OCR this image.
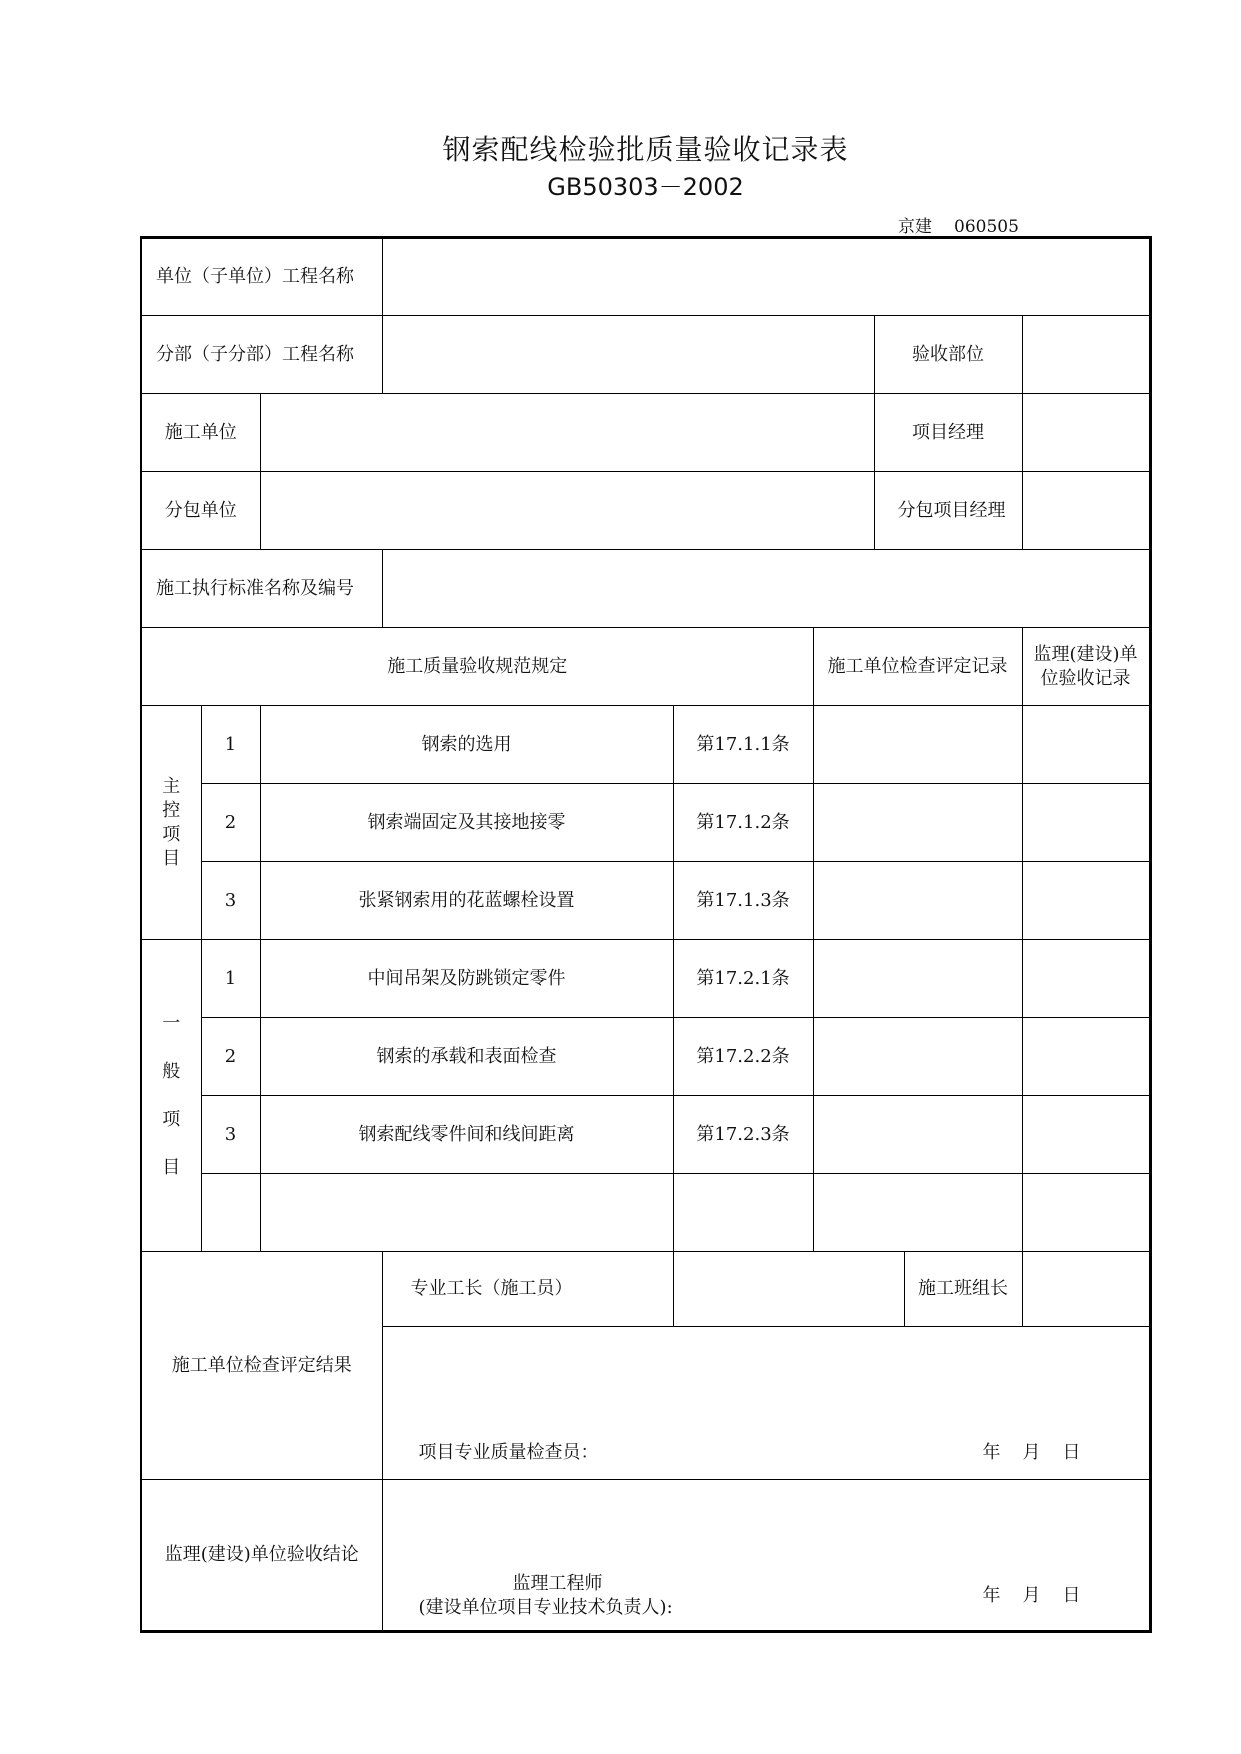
钢索配线检验批质量验收记录表
GB50303－2002
京建 060505
单位（子单位）工程名称								
分部（子分部）工程名称						验收部位		
施工单位						项目经理		
分包单位						分包项目经理		
施工执行标准名称及编号								
施工质量验收规范规定					施工单位检查评定记录			监理(建设)单位验收记录

主
控
项
目	1	钢索的选用		第17.1.1条				
	2	钢索端固定及其接地接零		第17.1.2条				
	3	张紧钢索用的花蓝螺栓设置		第17.1.3条				

一
般
项
目	1	中间吊架及防跳锁定零件		第17.2.1条				
	2	钢索的承载和表面检查		第17.2.2条				
	3	钢索配线零件间和线间距离		第17.2.3条				

施工单位检查评定结果			专业工长（施工员）				施工班组长	

			项目专业质量检查员： 年　月　日					

监理(建设)单位验收结论			监理工程师
(建设单位项目专业技术负责人):
年　月　日					
